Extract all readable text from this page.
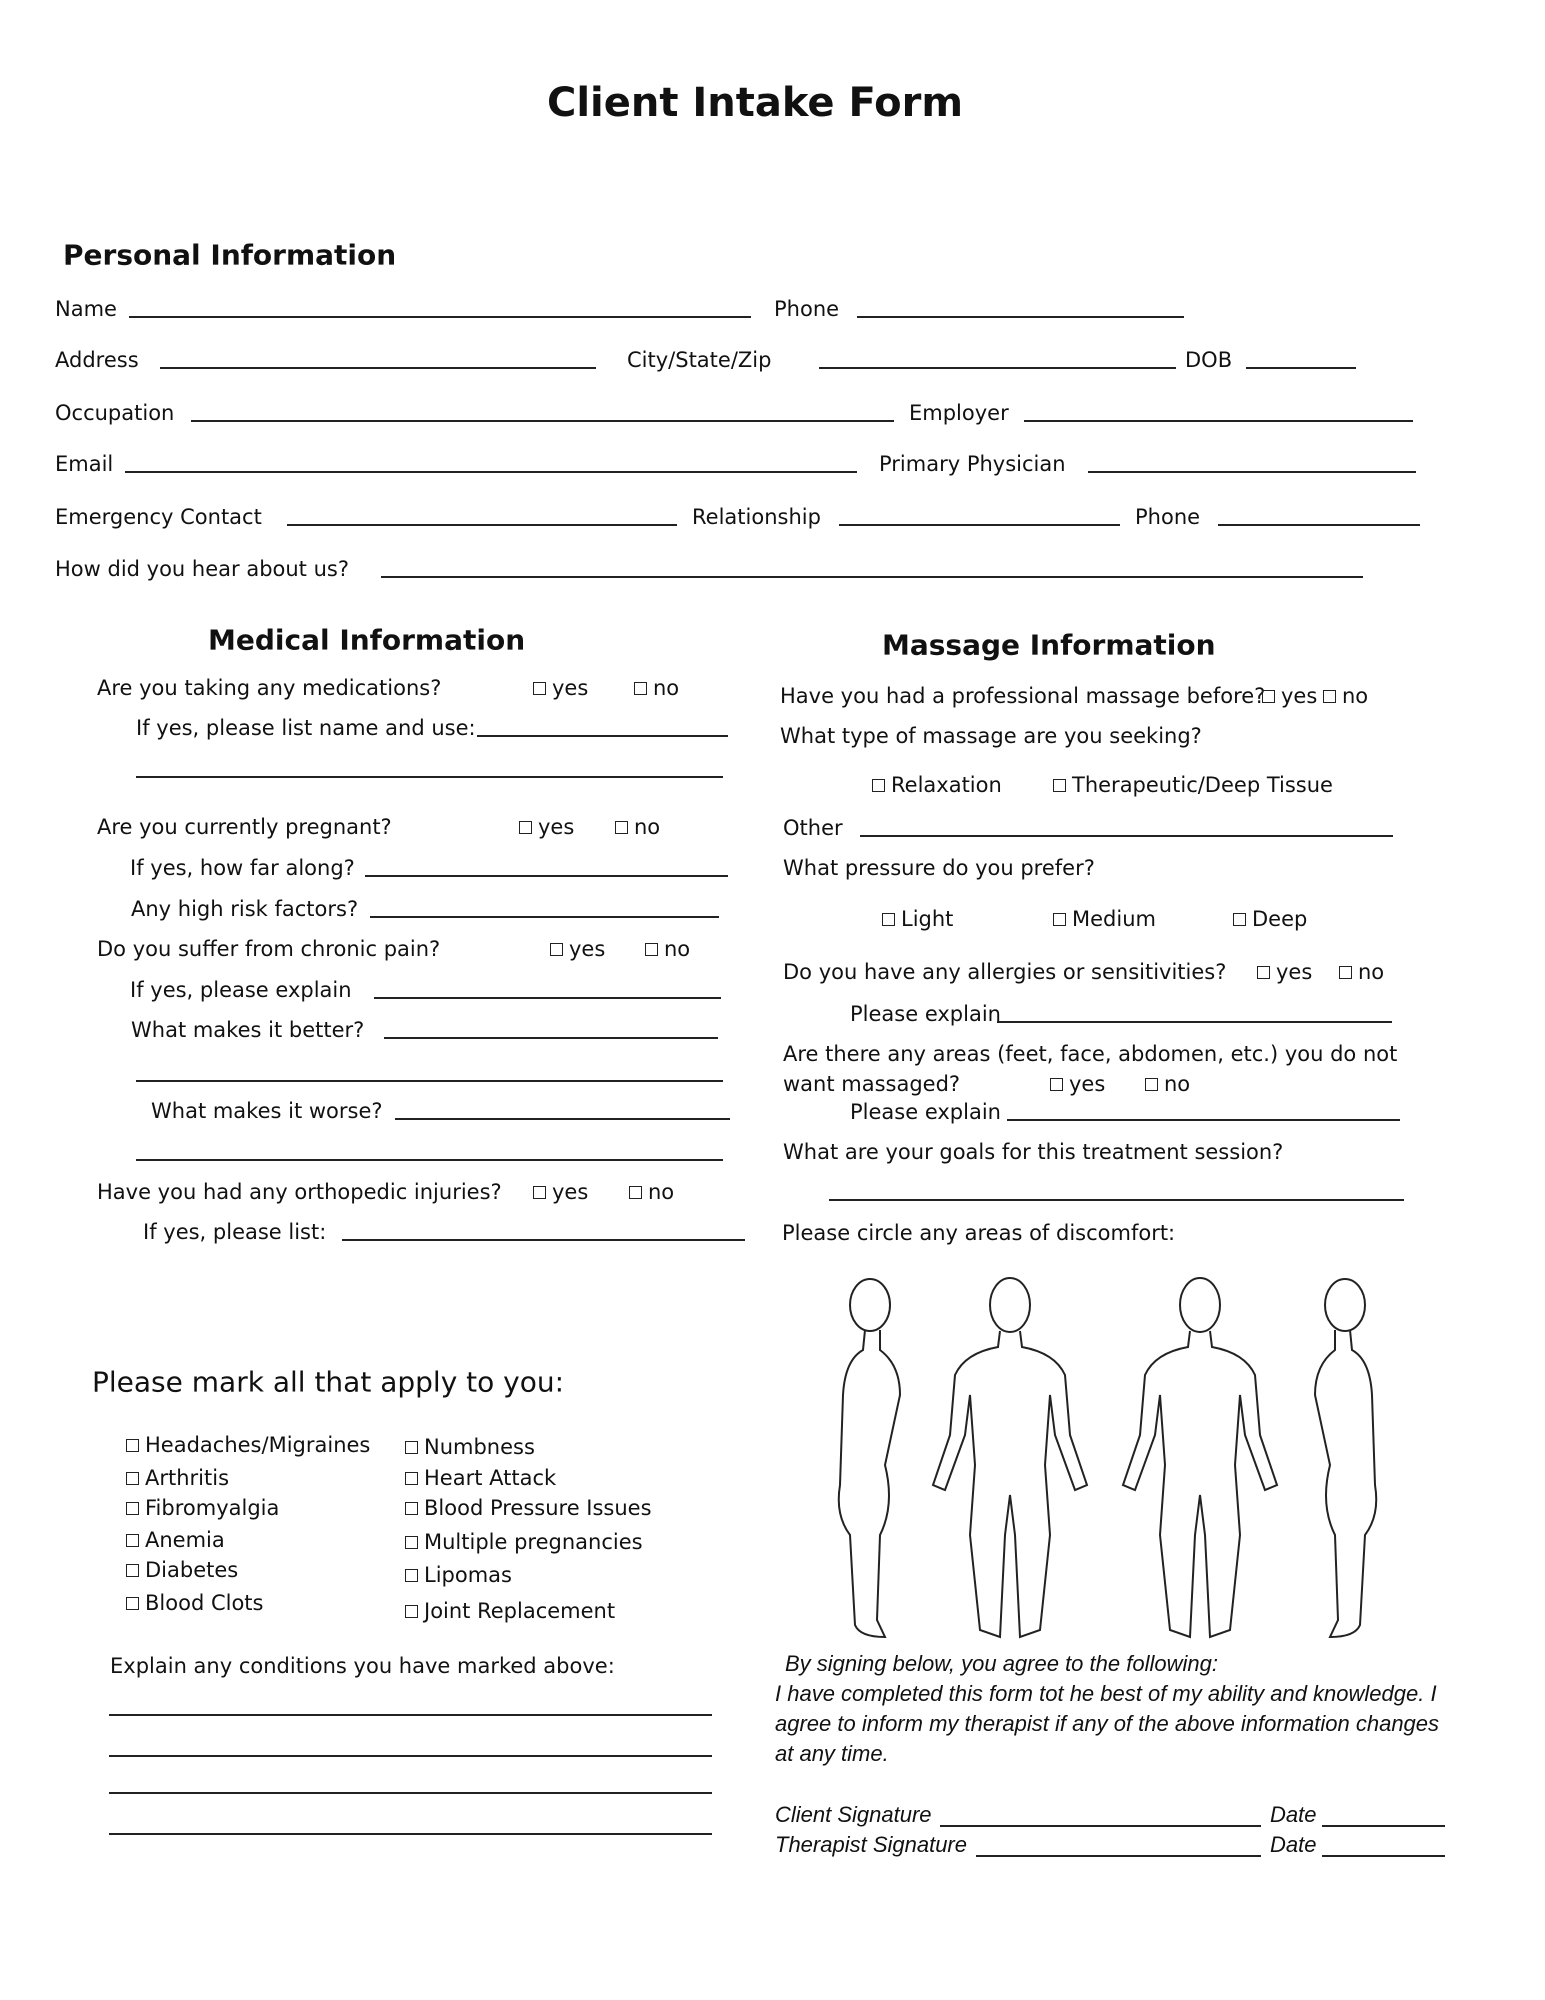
Client Intake Form
Personal Information
Name	Phone
Address	City/State/Zip	DOB
Occupation	Employer
Email	Primary Physician
Emergency Contact	Relationship	Phone
How did you hear about us?
Medical Information
Are you taking any medications?	yes	no
If yes, please list name and use:
Are you currently pregnant?	yes	no
If yes, how far along?
Any high risk factors?
Do you suffer from chronic pain?	yes	no
If yes, please explain
What makes it better?
What makes it worse?
Have you had any orthopedic injuries? yes	no
If yes, please list:
Massage Information
Have you had a professional massage before? yes no
What type of massage are you seeking?
Relaxation	Therapeutic/Deep Tissue
Other
What pressure do you prefer?
Light	Medium	Deep
Do you have any allergies or sensitivities? yes no
Please explain
Are there any areas (feet, face, abdomen, etc.) you do not
want massaged?	yes	no
Please explain
What are your goals for this treatment session?
Please circle any areas of discomfort:
Please mark all that apply to you:
Headaches/Migraines
Arthritis
Fibromyalgia
Anemia
Diabetes
Blood Clots
Numbness
Heart Attack
Blood Pressure Issues
Multiple pregnancies
Lipomas
Joint Replacement
Explain any conditions you have marked above:	By signing below, you agree to the following:
I have completed this form tot he best of my ability and knowledge. I
agree to inform my therapist if any of the above information changes
at any time.
Client Signature	Date
Therapist Signature	Date
